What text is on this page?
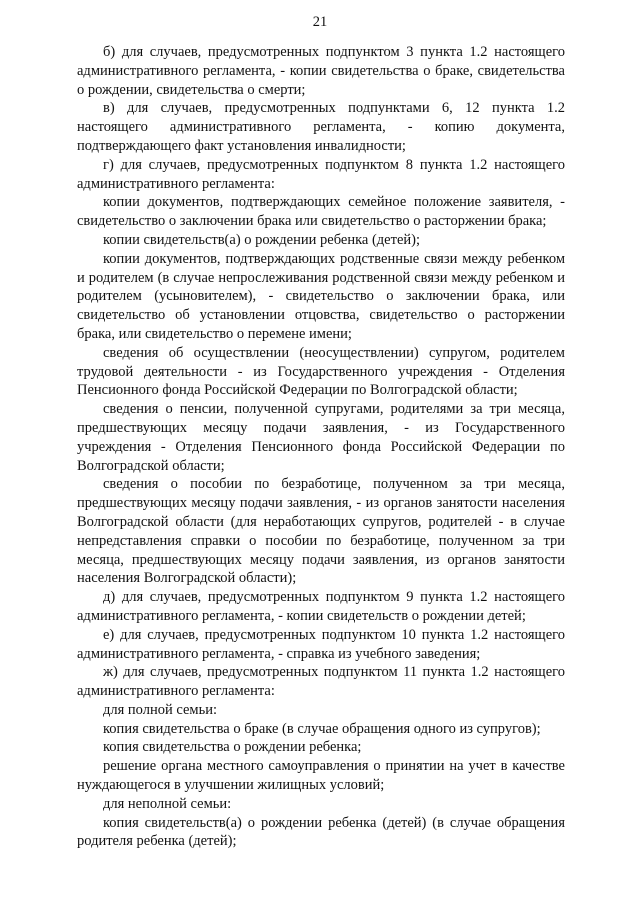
21

б) для случаев, предусмотренных подпунктом 3 пункта 1.2 настоящего административного регламента, - копии свидетельства о браке, свидетельства о рождении, свидетельства о смерти;

в) для случаев, предусмотренных подпунктами 6, 12 пункта 1.2 настоящего административного регламента, - копию документа, подтверждающего факт установления инвалидности;

г) для случаев, предусмотренных подпунктом 8 пункта 1.2 настоящего административного регламента:

копии документов, подтверждающих семейное положение заявителя, - свидетельство о заключении брака или свидетельство о расторжении брака;

копии свидетельств(а) о рождении ребенка (детей);

копии документов, подтверждающих родственные связи между ребенком и родителем (в случае непрослеживания родственной связи между ребенком и родителем (усыновителем), - свидетельство о заключении брака, или свидетельство об установлении отцовства, свидетельство о расторжении брака, или свидетельство о перемене имени;

сведения об осуществлении (неосуществлении) супругом, родителем трудовой деятельности - из Государственного учреждения - Отделения Пенсионного фонда Российской Федерации по Волгоградской области;

сведения о пенсии, полученной супругами, родителями за три месяца, предшествующих месяцу подачи заявления, - из Государственного учреждения - Отделения Пенсионного фонда Российской Федерации по Волгоградской области;

сведения о пособии по безработице, полученном за три месяца, предшествующих месяцу подачи заявления, - из органов занятости населения Волгоградской области (для неработающих супругов, родителей - в случае непредставления справки о пособии по безработице, полученном за три месяца, предшествующих месяцу подачи заявления, из органов занятости населения Волгоградской области);

д) для случаев, предусмотренных подпунктом 9 пункта 1.2 настоящего административного регламента, - копии свидетельств о рождении детей;

е) для случаев, предусмотренных подпунктом 10 пункта 1.2 настоящего административного регламента, - справка из учебного заведения;

ж) для случаев, предусмотренных подпунктом 11 пункта 1.2 настоящего административного регламента:

для полной семьи:

копия свидетельства о браке (в случае обращения одного из супругов);

копия свидетельства о рождении ребенка;

решение органа местного самоуправления о принятии на учет в качестве нуждающегося в улучшении жилищных условий;

для неполной семьи:

копия свидетельств(а) о рождении ребенка (детей) (в случае обращения родителя ребенка (детей);
